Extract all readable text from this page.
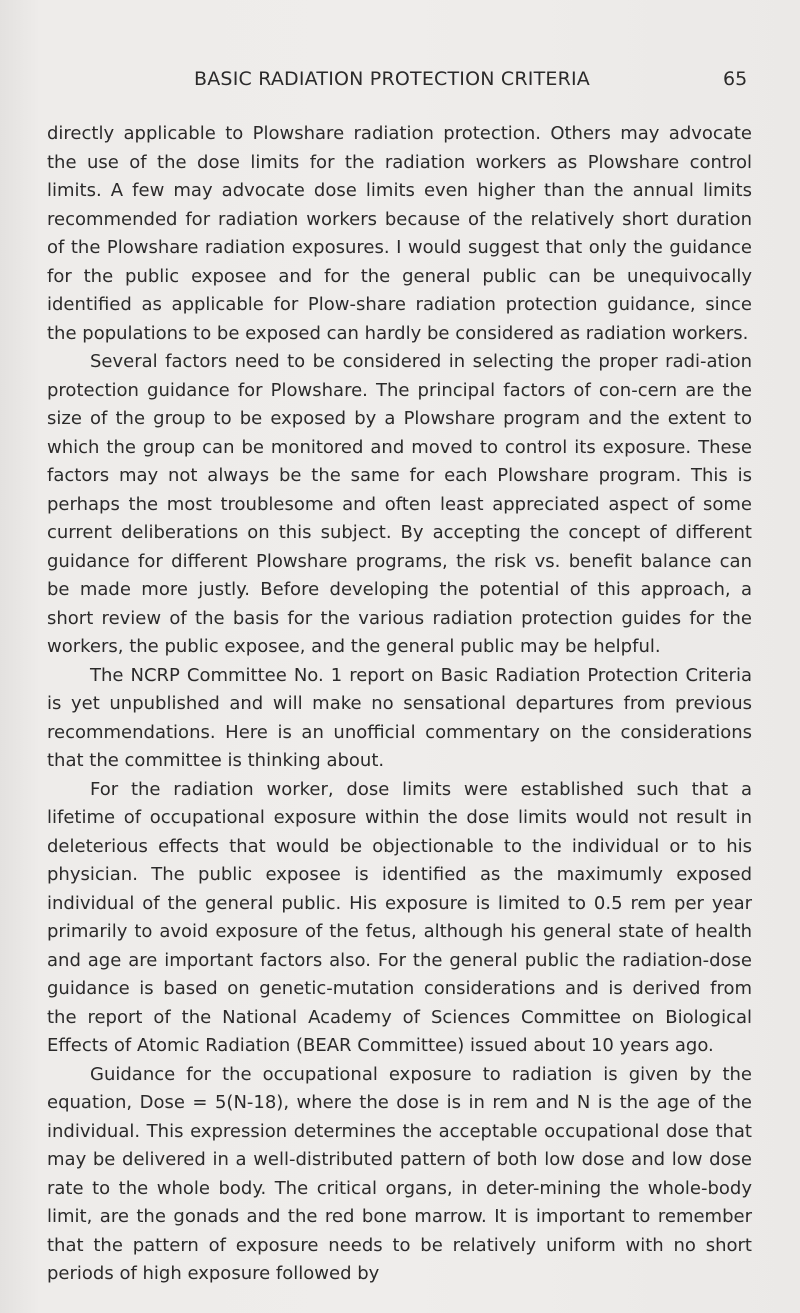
BASIC RADIATION PROTECTION CRITERIA	65

directly applicable to Plowshare radiation protection. Others may advocate the use of the dose limits for the radiation workers as Plowshare control limits. A few may advocate dose limits even higher than the annual limits recommended for radiation workers because of the relatively short duration of the Plowshare radiation exposures. I would suggest that only the guidance for the public exposee and for the general public can be unequivocally identified as applicable for Plow-share radiation protection guidance, since the populations to be exposed can hardly be considered as radiation workers.

Several factors need to be considered in selecting the proper radi-ation protection guidance for Plowshare. The principal factors of con-cern are the size of the group to be exposed by a Plowshare program and the extent to which the group can be monitored and moved to control its exposure. These factors may not always be the same for each Plowshare program. This is perhaps the most troublesome and often least appreciated aspect of some current deliberations on this subject. By accepting the concept of different guidance for different Plowshare programs, the risk vs. benefit balance can be made more justly. Before developing the potential of this approach, a short review of the basis for the various radiation protection guides for the workers, the public exposee, and the general public may be helpful.

The NCRP Committee No. 1 report on Basic Radiation Protection Criteria is yet unpublished and will make no sensational departures from previous recommendations. Here is an unofficial commentary on the considerations that the committee is thinking about.

For the radiation worker, dose limits were established such that a lifetime of occupational exposure within the dose limits would not result in deleterious effects that would be objectionable to the individual or to his physician. The public exposee is identified as the maximumly exposed individual of the general public. His exposure is limited to 0.5 rem per year primarily to avoid exposure of the fetus, although his general state of health and age are important factors also. For the general public the radiation-dose guidance is based on genetic-mutation considerations and is derived from the report of the National Academy of Sciences Committee on Biological Effects of Atomic Radiation (BEAR Committee) issued about 10 years ago.

Guidance for the occupational exposure to radiation is given by the equation, Dose = 5(N-18), where the dose is in rem and N is the age of the individual. This expression determines the acceptable occupational dose that may be delivered in a well-distributed pattern of both low dose and low dose rate to the whole body. The critical organs, in deter-mining the whole-body limit, are the gonads and the red bone marrow. It is important to remember that the pattern of exposure needs to be relatively uniform with no short periods of high exposure followed by
